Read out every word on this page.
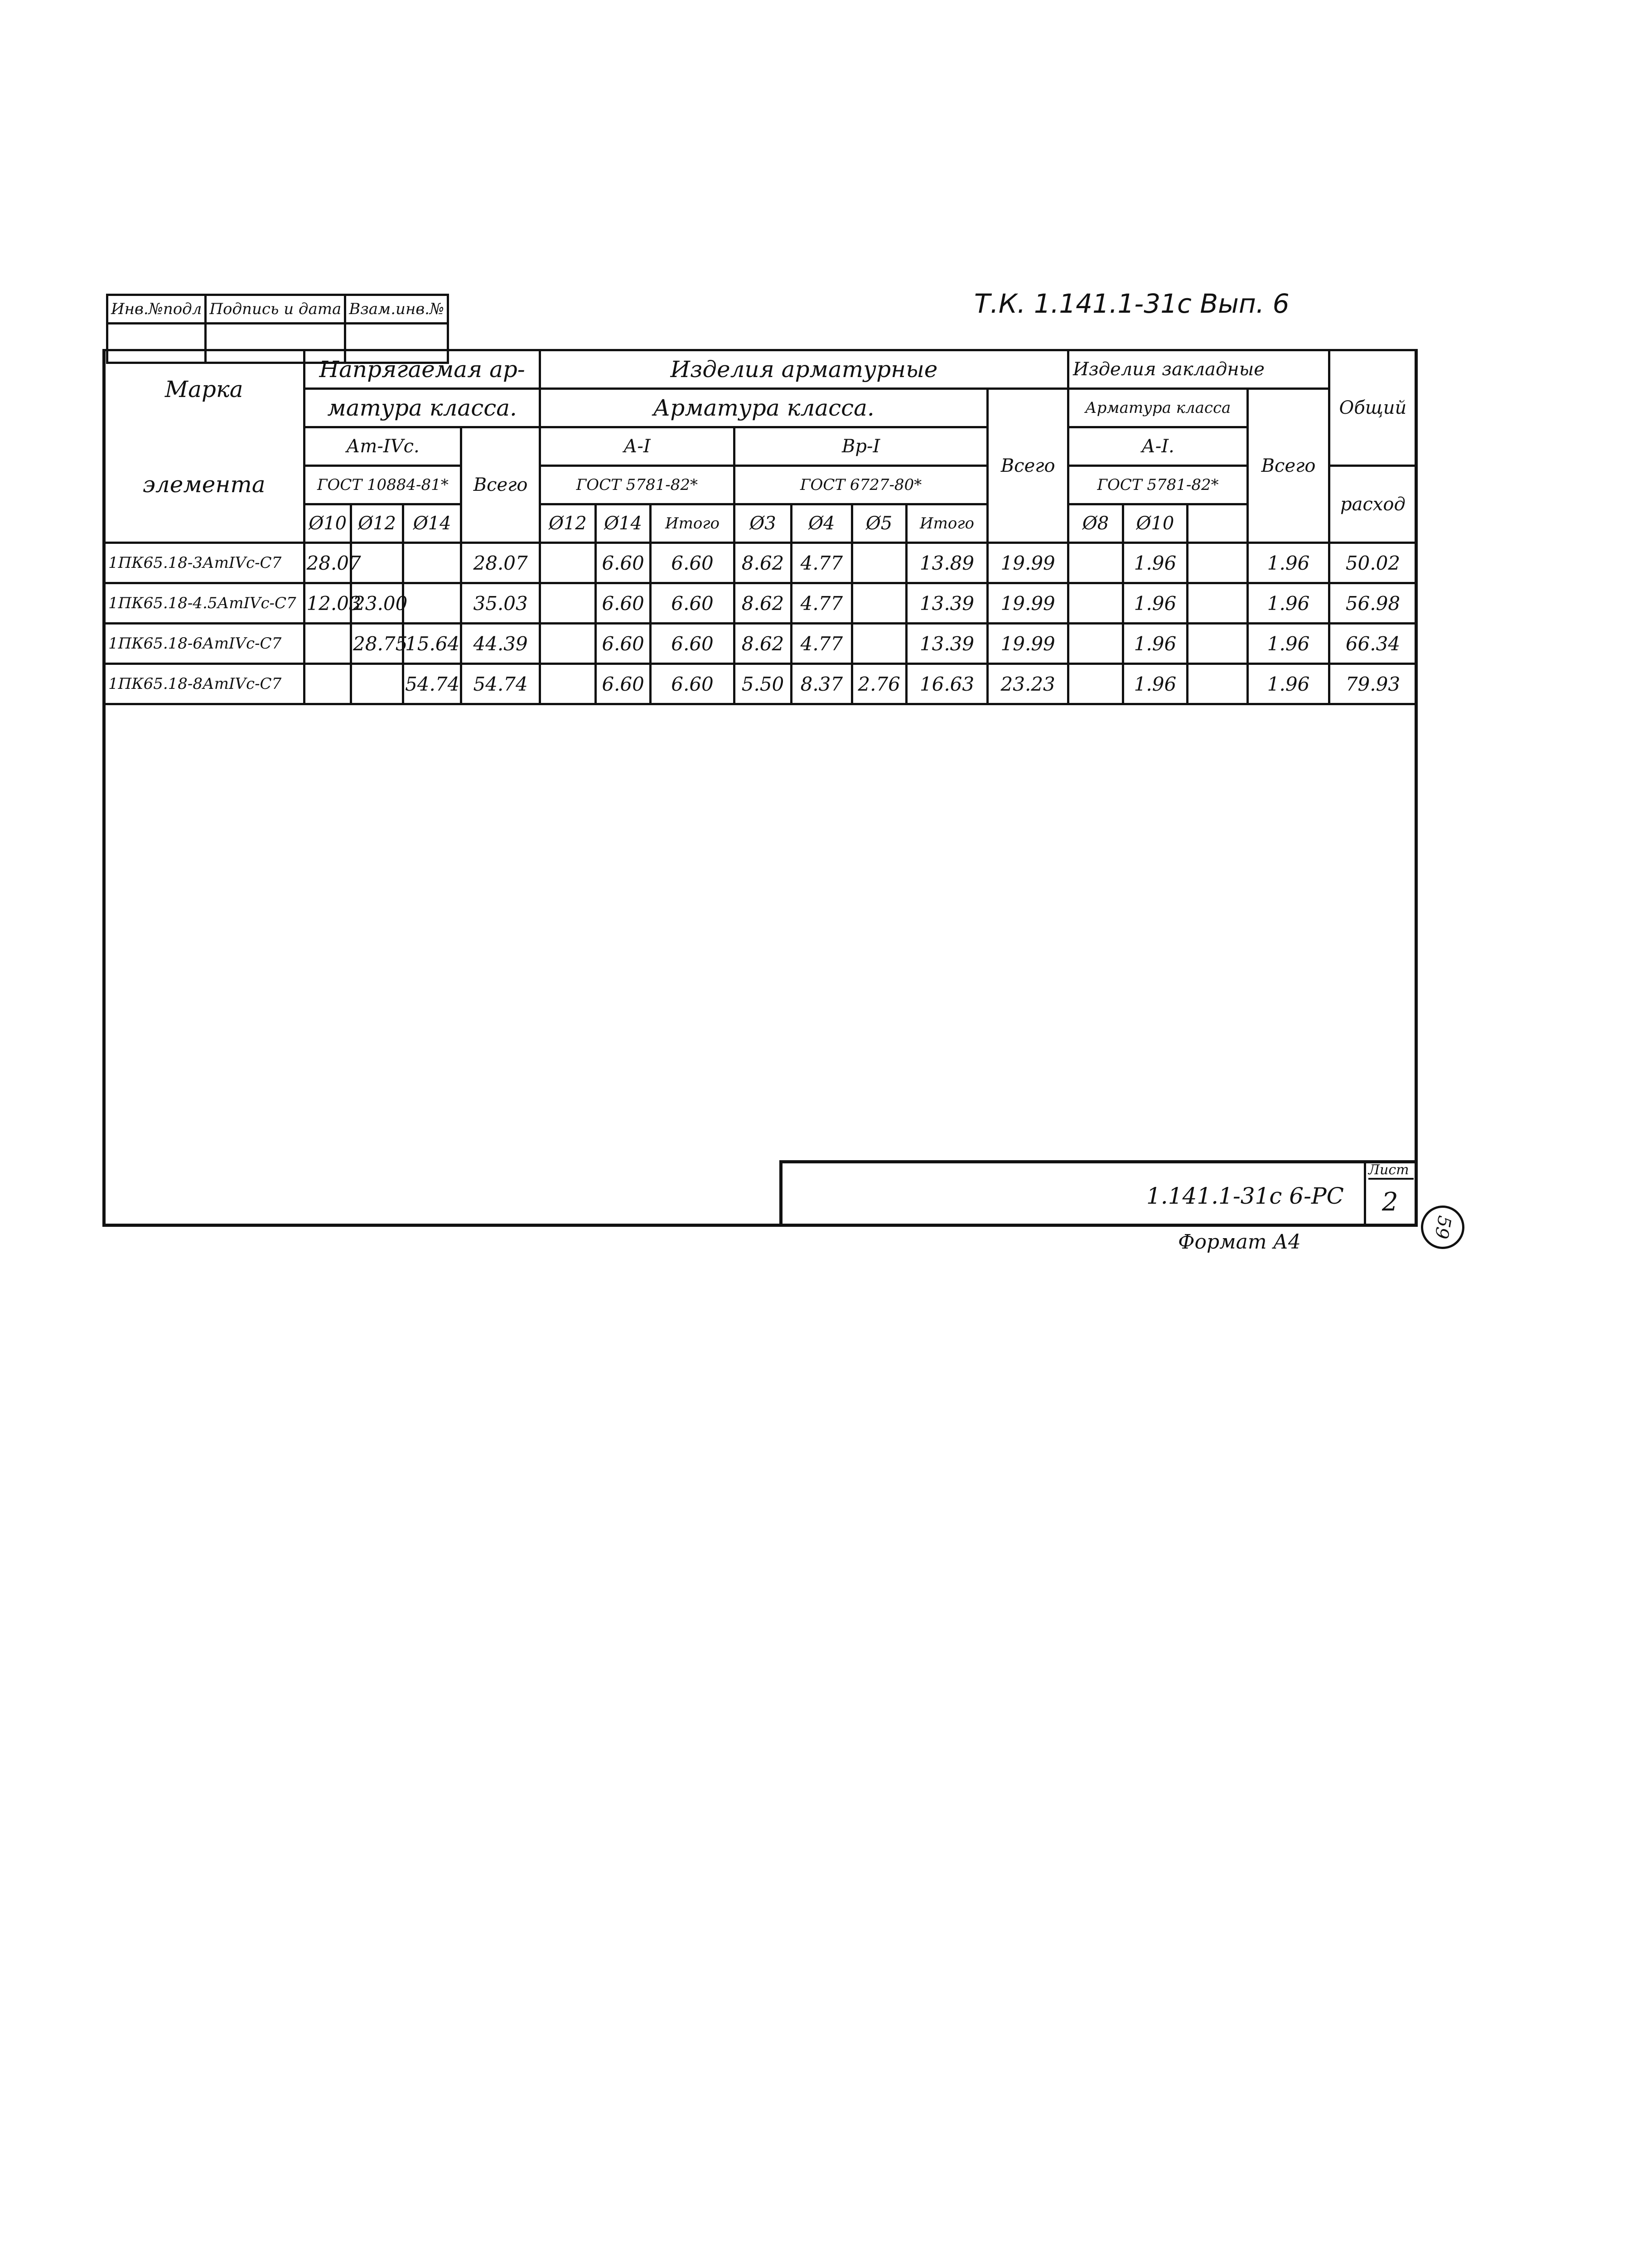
Инв.№подл	Подпись и дата	Взам.инв.№
			Т.К. 1.141.1-31с Вып. 6
Марка	Напрягаемая ар-				Изделия арматурные								Изделия закладные				Общий
	матура класса.				Арматура класса.							Всего	Арматура класса			Всего	
элемента	Ат-IVс.			Всего	А-I			Вр-I					А-I.				
	ГОСТ 10884-81*				ГОСТ 5781-82*			ГОСТ 6727-80*					ГОСТ 5781-82*				расход
	Ø10	Ø12	Ø14		Ø12	Ø14	Итого	Ø3	Ø4	Ø5	Итого		Ø8	Ø10			
1ПК65.18-3АтIVс-С7	28.07			28.07		6.60	6.60	8.62	4.77		13.89	19.99		1.96		1.96	50.02
1ПК65.18-4.5АтIVс-С7	12.03	23.00		35.03		6.60	6.60	8.62	4.77		13.39	19.99		1.96		1.96	56.98
1ПК65.18-6АтIVс-С7		28.75	15.64	44.39		6.60	6.60	8.62	4.77		13.39	19.99		1.96		1.96	66.34
1ПК65.18-8АтIVс-С7			54.74	54.74		6.60	6.60	5.50	8.37	2.76	16.63	23.23		1.96		1.96	79.93
1.141.1-31с 6-РС
Лист
2
Формат А4
59
